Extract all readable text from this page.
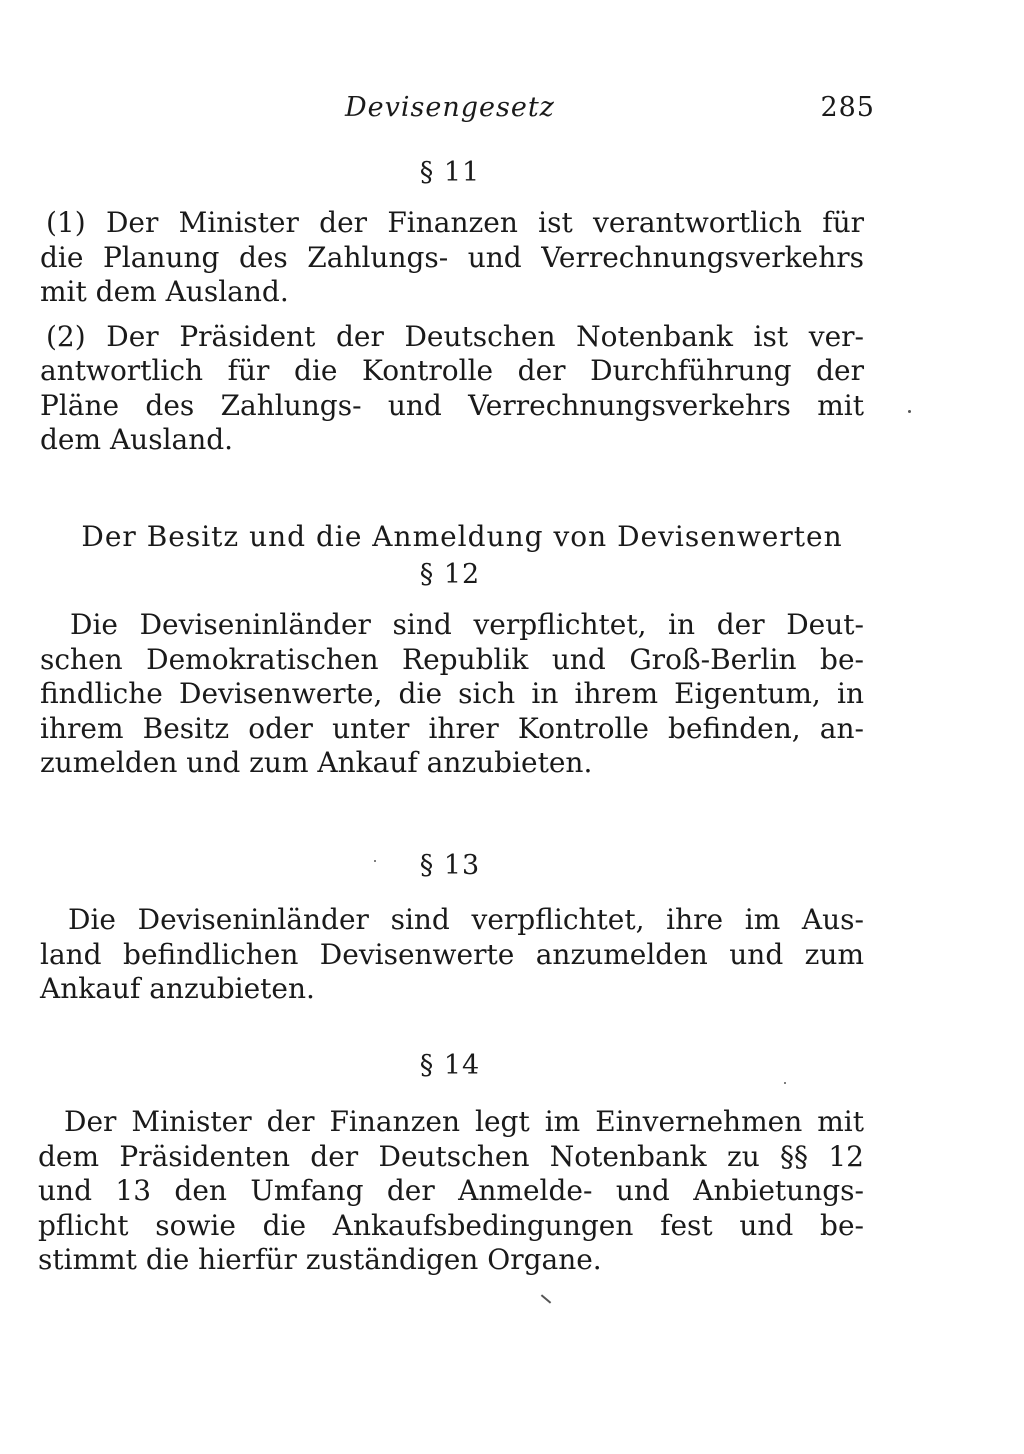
Devisengesetz	285

§ 11

(1) Der Minister der Finanzen ist verantwortlich für
die Planung des Zahlungs- und Verrechnungsverkehrs
mit dem Ausland.
(2) Der Präsident der Deutschen Notenbank ist ver-
antwortlich für die Kontrolle der Durchführung der
Pläne des Zahlungs- und Verrechnungsverkehrs mit
dem Ausland.

Der Besitz und die Anmeldung von Devisenwerten

§ 12

Die Deviseninländer sind verpflichtet, in der Deut-
schen Demokratischen Republik und Groß-Berlin be-
findliche Devisenwerte, die sich in ihrem Eigentum, in
ihrem Besitz oder unter ihrer Kontrolle befinden, an-
zumelden und zum Ankauf anzubieten.

§ 13

Die Deviseninländer sind verpflichtet, ihre im Aus-
land befindlichen Devisenwerte anzumelden und zum
Ankauf anzubieten.

§ 14

Der Minister der Finanzen legt im Einvernehmen mit
dem Präsidenten der Deutschen Notenbank zu §§ 12
und 13 den Umfang der Anmelde- und Anbietungs-
pflicht sowie die Ankaufsbedingungen fest und be-
stimmt die hierfür zuständigen Organe.
